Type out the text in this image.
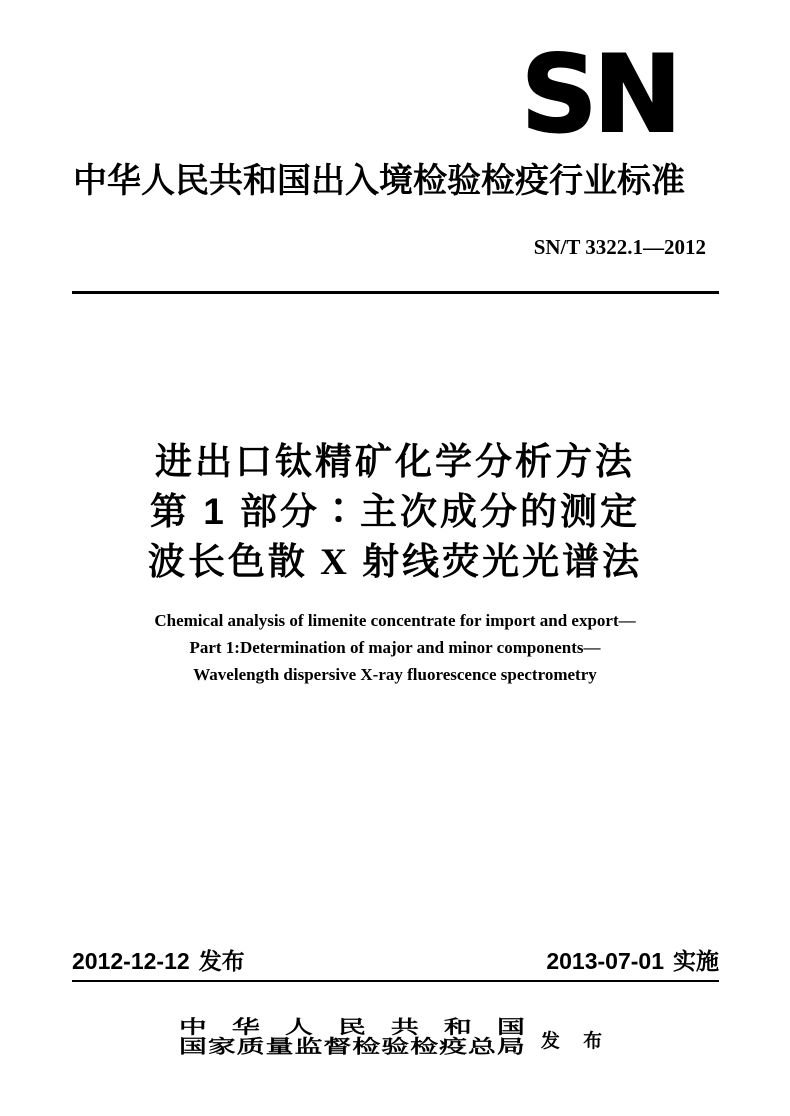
SN
中华人民共和国出入境检验检疫行业标准
SN/T 3322.1—2012
进出口钛精矿化学分析方法
第 1 部分∶主次成分的测定
波长色散 X 射线荧光光谱法
Chemical analysis of limenite concentrate for import and export—
Part 1:Determination of major and minor components—
Wavelength dispersive X-ray fluorescence spectrometry
2012-12-12 发布	2013-07-01 实施
中 华 人 民 共 和 国
国家质量监督检验检疫总局 发 布
